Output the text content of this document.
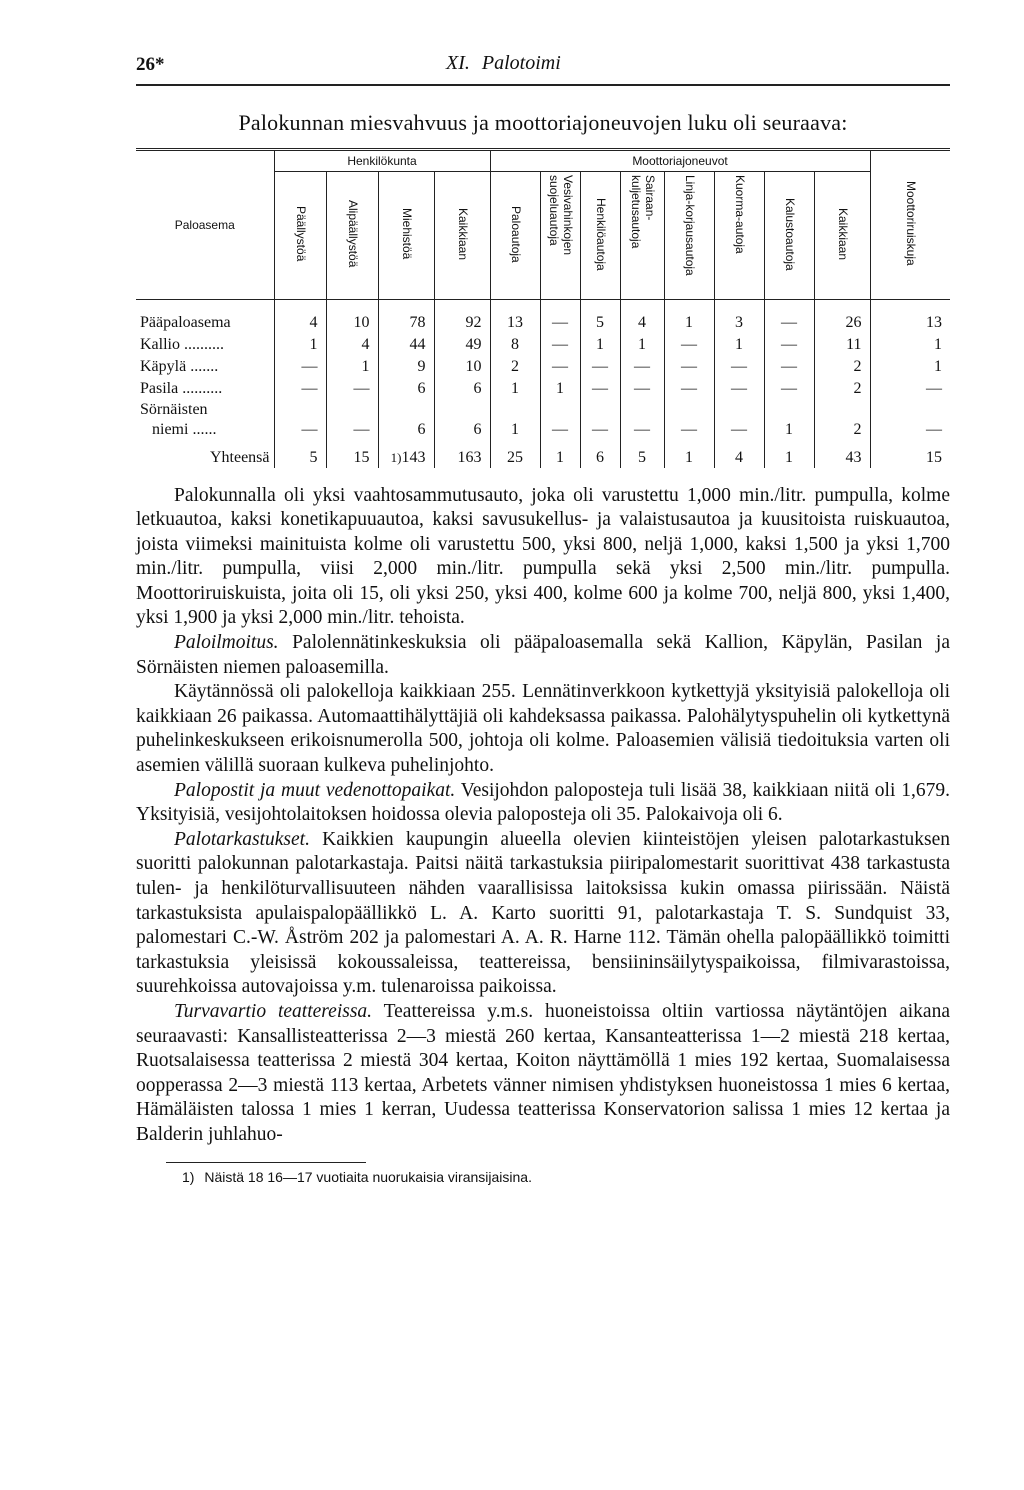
26*	XI. Palotoimi
Palokunnan miesvahvuus ja moottoriajoneuvojen luku oli seuraava:
Paloasema	Henkilökunta				Moottoriajoneuvot								Moottoriruiskuja
	Päällystöä	Alipäällystöä	Miehistöä	Kaikkiaan	Paloautoja	Vesivahinkojen suojeluautoja	Henkilöautoja	Sairaan-kuljetusautoja	Linja-korjausautoja	Kuorma-autoja	Kalustoautoja	Kaikkiaan	
Pääpaloasema	4	10	78	92	13	—	5	4	1	3	—	26	13
Kallio ..........	1	4	44	49	8	—	1	1	—	1	—	11	1
Käpylä .......	—	1	9	10	2	—	—	—	—	—	—	2	1
Pasila ..........	—	—	6	6	1	1	—	—	—	—	—	2	—

Sörnäisten
niemi ......	—	—	6	6	1	—	—	—	—	—	1	2	—
Yhteensä	5	15	1)143	163	25	1	6	5	1	4	1	43	15

Palokunnalla oli yksi vaahtosammutusauto, joka oli varustettu 1,000 min./litr. pumpulla, kolme letkuautoa, kaksi konetikapuuautoa, kaksi savusukellus- ja valaistusautoa ja kuusitoista ruiskuautoa, joista viimeksi mainituista kolme oli varustettu 500, yksi 800, neljä 1,000, kaksi 1,500 ja yksi 1,700 min./litr. pumpulla, viisi 2,000 min./litr. pumpulla sekä yksi 2,500 min./litr. pumpulla. Moottoriruiskuista, joita oli 15, oli yksi 250, yksi 400, kolme 600 ja kolme 700, neljä 800, yksi 1,400, yksi 1,900 ja yksi 2,000 min./litr. tehoista.

Paloilmoitus. Palolennätinkeskuksia oli pääpaloasemalla sekä Kallion, Käpylän, Pasilan ja Sörnäisten niemen paloasemilla.

Käytännössä oli palokelloja kaikkiaan 255. Lennätinverkkoon kytkettyjä yksityisiä palokelloja oli kaikkiaan 26 paikassa. Automaattihälyttäjiä oli kahdeksassa paikassa. Palohälytyspuhelin oli kytkettynä puhelinkeskukseen erikoisnumerolla 500, johtoja oli kolme. Paloasemien välisiä tiedoituksia varten oli asemien välillä suoraan kulkeva puhelinjohto.

Palopostit ja muut vedenottopaikat. Vesijohdon paloposteja tuli lisää 38, kaikkiaan niitä oli 1,679. Yksityisiä, vesijohtolaitoksen hoidossa olevia paloposteja oli 35. Palokaivoja oli 6.

Palotarkastukset. Kaikkien kaupungin alueella olevien kiinteistöjen yleisen palotarkastuksen suoritti palokunnan palotarkastaja. Paitsi näitä tarkastuksia piiripalomestarit suorittivat 438 tarkastusta tulen- ja henkilöturvallisuuteen nähden vaarallisissa laitoksissa kukin omassa piirissään. Näistä tarkastuksista apulaispalopäällikkö L. A. Karto suoritti 91, palotarkastaja T. S. Sundquist 33, palomestari C.-W. Åström 202 ja palomestari A. A. R. Harne 112. Tämän ohella palopäällikkö toimitti tarkastuksia yleisissä kokoussaleissa, teattereissa, bensiininsäilytyspaikoissa, filmivarastoissa, suurehkoissa autovajoissa y.m. tulenaroissa paikoissa.

Turvavartio teattereissa. Teattereissa y.m.s. huoneistoissa oltiin vartiossa näytäntöjen aikana seuraavasti: Kansallisteatterissa 2—3 miestä 260 kertaa, Kansanteatterissa 1—2 miestä 218 kertaa, Ruotsalaisessa teatterissa 2 miestä 304 kertaa, Koiton näyttämöllä 1 mies 192 kertaa, Suomalaisessa oopperassa 2—3 miestä 113 kertaa, Arbetets vänner nimisen yhdistyksen huoneistossa 1 mies 6 kertaa, Hämäläisten talossa 1 mies 1 kerran, Uudessa teatterissa Konservatorion salissa 1 mies 12 kertaa ja Balderin juhlahuo-

1) Näistä 18 16—17 vuotiaita nuorukaisia viransijaisina.
